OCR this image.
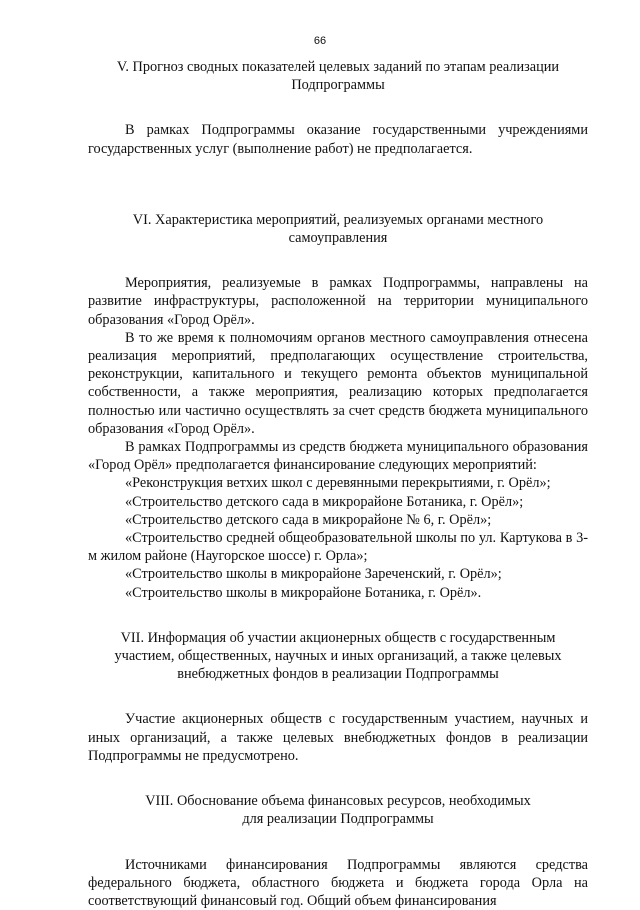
66
V. Прогноз сводных показателей целевых заданий по этапам реализации
Подпрограммы

В рамках Подпрограммы оказание государственными учреждениями государственных услуг (выполнение работ) не предполагается.

VI. Характеристика мероприятий, реализуемых органами местного
самоуправления

Мероприятия, реализуемые в рамках Подпрограммы, направлены на развитие инфраструктуры, расположенной на территории муниципального образования «Город Орёл».

В то же время к полномочиям органов местного самоуправления отнесена реализация мероприятий, предполагающих осуществление строительства, реконструкции, капитального и текущего ремонта объектов муниципальной собственности, а также мероприятия, реализацию которых предполагается полностью или частично осуществлять за счет средств бюджета муниципального образования «Город Орёл».

В рамках Подпрограммы из средств бюджета муниципального образования «Город Орёл» предполагается финансирование следующих мероприятий:

«Реконструкция ветхих школ с деревянными перекрытиями, г. Орёл»;

«Строительство детского сада в микрорайоне Ботаника, г. Орёл»;

«Строительство детского сада в микрорайоне № 6, г. Орёл»;

«Строительство средней общеобразовательной школы по ул. Картукова в 3-м жилом районе (Наугорское шоссе) г. Орла»;

«Строительство школы в микрорайоне Зареченский, г. Орёл»;

«Строительство школы в микрорайоне Ботаника, г. Орёл».

VII. Информация об участии акционерных обществ с государственным
участием, общественных, научных и иных организаций, а также целевых
внебюджетных фондов в реализации Подпрограммы

Участие акционерных обществ с государственным участием, научных и иных организаций, а также целевых внебюджетных фондов в реализации Подпрограммы не предусмотрено.

VIII. Обоснование объема финансовых ресурсов, необходимых
для реализации Подпрограммы

Источниками финансирования Подпрограммы являются средства федерального бюджета, областного бюджета и бюджета города Орла на соответствующий финансовый год. Общий объем финансирования
